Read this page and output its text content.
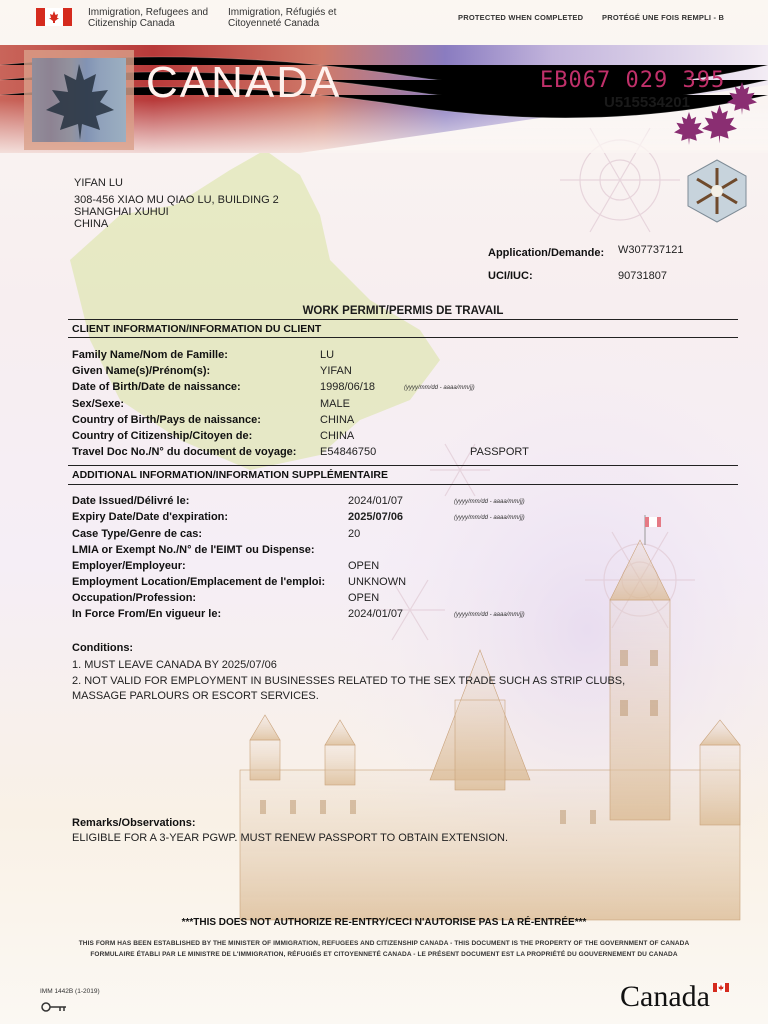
Immigration, Refugees and
Citizenship Canada
Immigration, Réfugiés et
Citoyenneté Canada
PROTECTED WHEN COMPLETED	PROTÉGÉ UNE FOIS REMPLI - B
CANADA	EB067 029 395
U515534201
YIFAN LU
308-456 XIAO MU QIAO LU, BUILDING 2
SHANGHAI XUHUI
CHINA
Application/Demande: W307737121
UCI/IUC:	90731807
WORK PERMIT/PERMIS DE TRAVAIL
CLIENT INFORMATION/INFORMATION DU CLIENT
Family Name/Nom de Famille:	LU
Given Name(s)/Prénom(s):	YIFAN
Date of Birth/Date de naissance:	1998/06/18	(yyyy/mm/dd - aaaa/mm/jj)
Sex/Sexe:	MALE
Country of Birth/Pays de naissance:	CHINA
Country of Citizenship/Citoyen de:	CHINA
Travel Doc No./N° du document de voyage: E54846750	PASSPORT
ADDITIONAL INFORMATION/INFORMATION SUPPLÉMENTAIRE
Date Issued/Délivré le:	2024/01/07	(yyyy/mm/dd - aaaa/mm/jj)
Expiry Date/Date d'expiration:	2025/07/06	(yyyy/mm/dd - aaaa/mm/jj)
Case Type/Genre de cas:	20
LMIA or Exempt No./N° de l'EIMT ou Dispense:
Employer/Employeur:	OPEN
Employment Location/Emplacement de l'emploi: UNKNOWN
Occupation/Profession:	OPEN
In Force From/En vigueur le:	2024/01/07	(yyyy/mm/dd - aaaa/mm/jj)
Conditions:
1. MUST LEAVE CANADA BY 2025/07/06
2. NOT VALID FOR EMPLOYMENT IN BUSINESSES RELATED TO THE SEX TRADE SUCH AS STRIP CLUBS,
MASSAGE PARLOURS OR ESCORT SERVICES.
Remarks/Observations:
ELIGIBLE FOR A 3-YEAR PGWP. MUST RENEW PASSPORT TO OBTAIN EXTENSION.
***THIS DOES NOT AUTHORIZE RE-ENTRY/CECI N'AUTORISE PAS LA RÉ-ENTRÉE***
THIS FORM HAS BEEN ESTABLISHED BY THE MINISTER OF IMMIGRATION, REFUGEES AND CITIZENSHIP CANADA - THIS DOCUMENT IS THE PROPERTY OF THE GOVERNMENT OF CANADA
FORMULAIRE ÉTABLI PAR LE MINISTRE DE L'IMMIGRATION, RÉFUGIÉS ET CITOYENNETÉ CANADA - LE PRÉSENT DOCUMENT EST LA PROPRIÉTÉ DU GOUVERNEMENT DU CANADA
IMM 1442B (1-2019)	Canada
